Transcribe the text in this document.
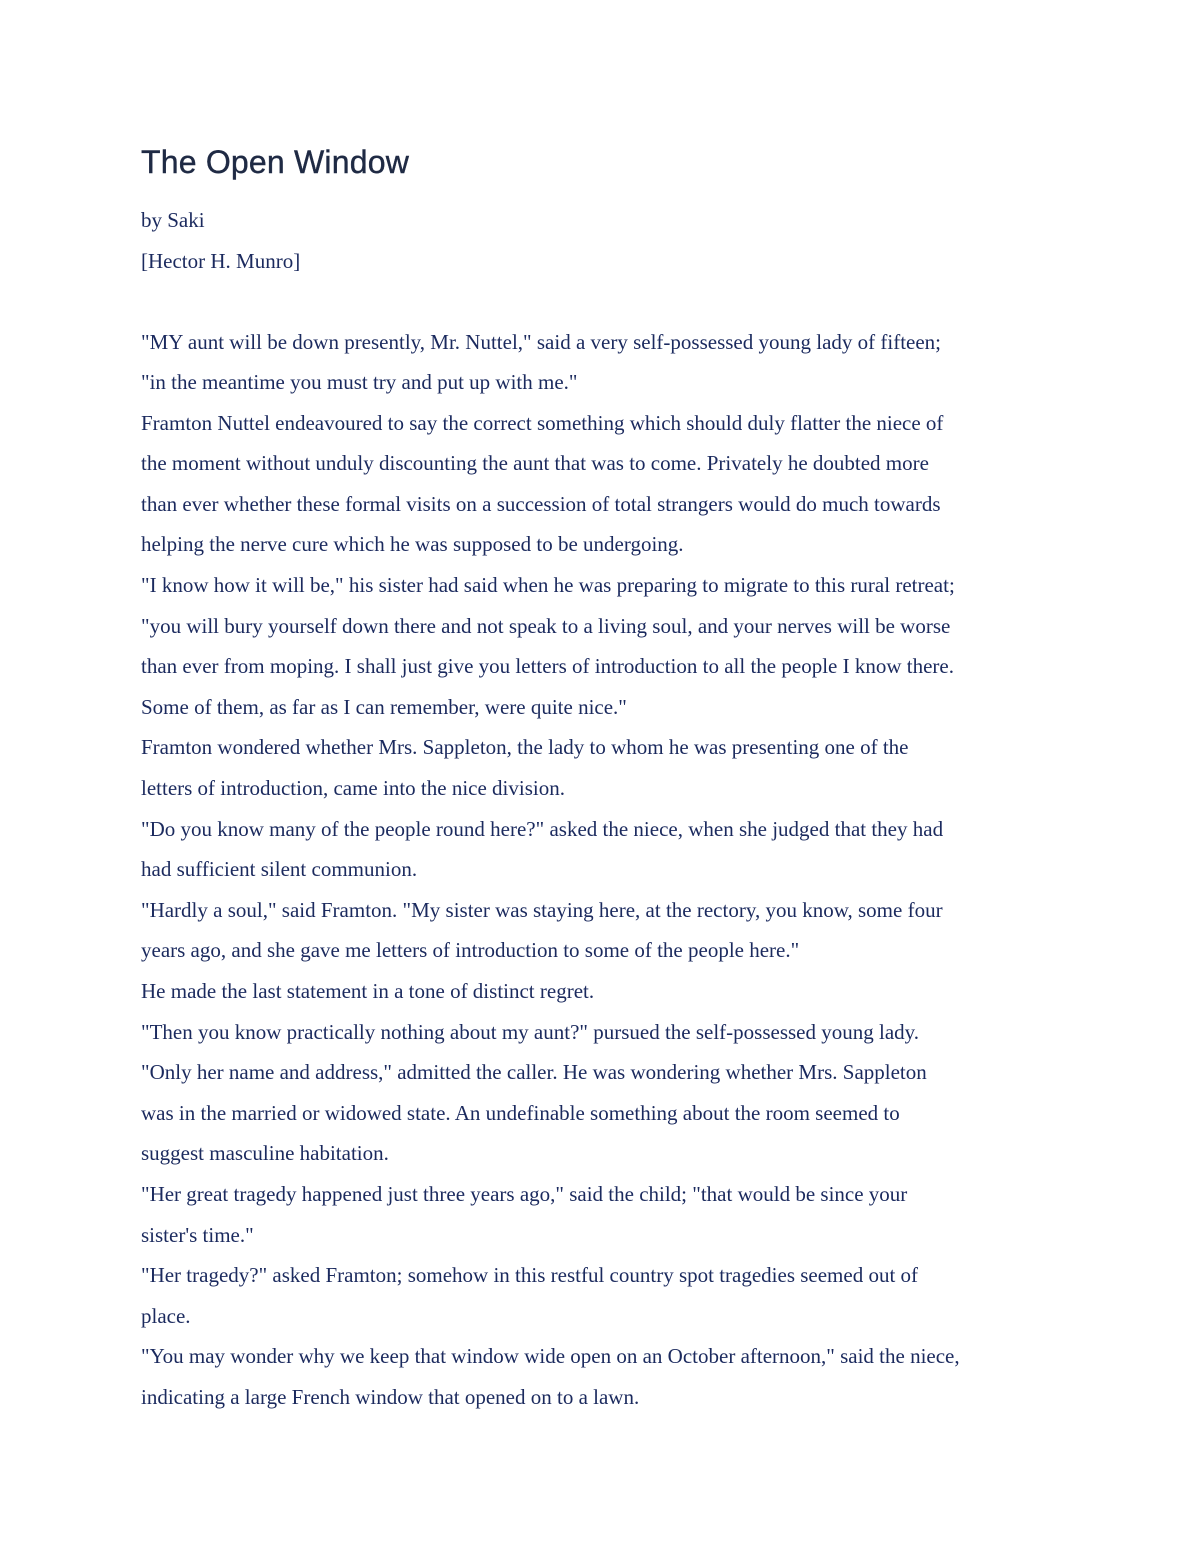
The Open Window

by Saki

[Hector H. Munro]

"MY aunt will be down presently, Mr. Nuttel," said a very self-possessed young lady of fifteen;

"in the meantime you must try and put up with me."

Framton Nuttel endeavoured to say the correct something which should duly flatter the niece of

the moment without unduly discounting the aunt that was to come. Privately he doubted more

than ever whether these formal visits on a succession of total strangers would do much towards

helping the nerve cure which he was supposed to be undergoing.

"I know how it will be," his sister had said when he was preparing to migrate to this rural retreat;

"you will bury yourself down there and not speak to a living soul, and your nerves will be worse

than ever from moping. I shall just give you letters of introduction to all the people I know there.

Some of them, as far as I can remember, were quite nice."

Framton wondered whether Mrs. Sappleton, the lady to whom he was presenting one of the

letters of introduction, came into the nice division.

"Do you know many of the people round here?" asked the niece, when she judged that they had

had sufficient silent communion.

"Hardly a soul," said Framton. "My sister was staying here, at the rectory, you know, some four

years ago, and she gave me letters of introduction to some of the people here."

He made the last statement in a tone of distinct regret.

"Then you know practically nothing about my aunt?" pursued the self-possessed young lady.

"Only her name and address," admitted the caller. He was wondering whether Mrs. Sappleton

was in the married or widowed state. An undefinable something about the room seemed to

suggest masculine habitation.

"Her great tragedy happened just three years ago," said the child; "that would be since your

sister's time."

"Her tragedy?" asked Framton; somehow in this restful country spot tragedies seemed out of

place.

"You may wonder why we keep that window wide open on an October afternoon," said the niece,

indicating a large French window that opened on to a lawn.
